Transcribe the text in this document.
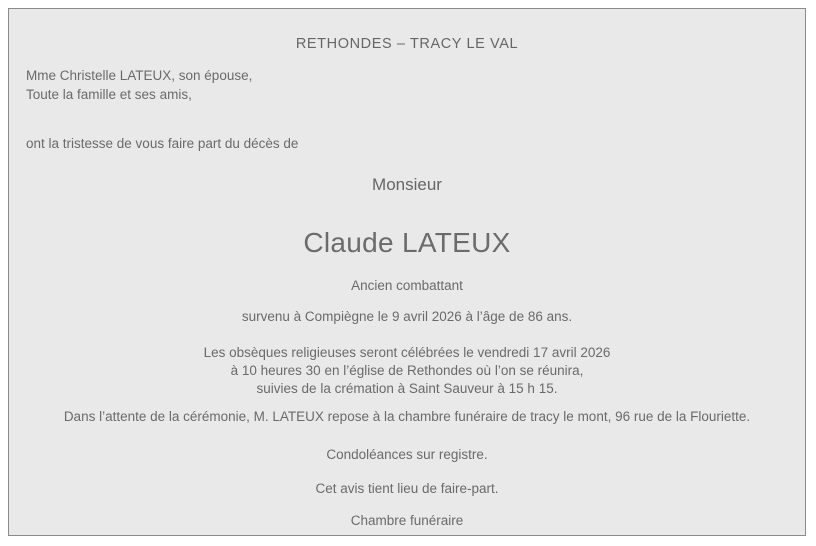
RETHONDES – TRACY LE VAL
Mme Christelle LATEUX, son épouse,
Toute la famille et ses amis,
ont la tristesse de vous faire part du décès de
Monsieur
Claude LATEUX
Ancien combattant
survenu à Compiègne le 9 avril 2026 à l’âge de 86 ans.
Les obsèques religieuses seront célébrées le vendredi 17 avril 2026
à 10 heures 30 en l’église de Rethondes où l’on se réunira,
suivies de la crémation à Saint Sauveur à 15 h 15.
Dans l’attente de la cérémonie, M. LATEUX repose à la chambre funéraire de tracy le mont, 96 rue de la Flouriette.
Condoléances sur registre.
Cet avis tient lieu de faire-part.
Chambre funéraire
